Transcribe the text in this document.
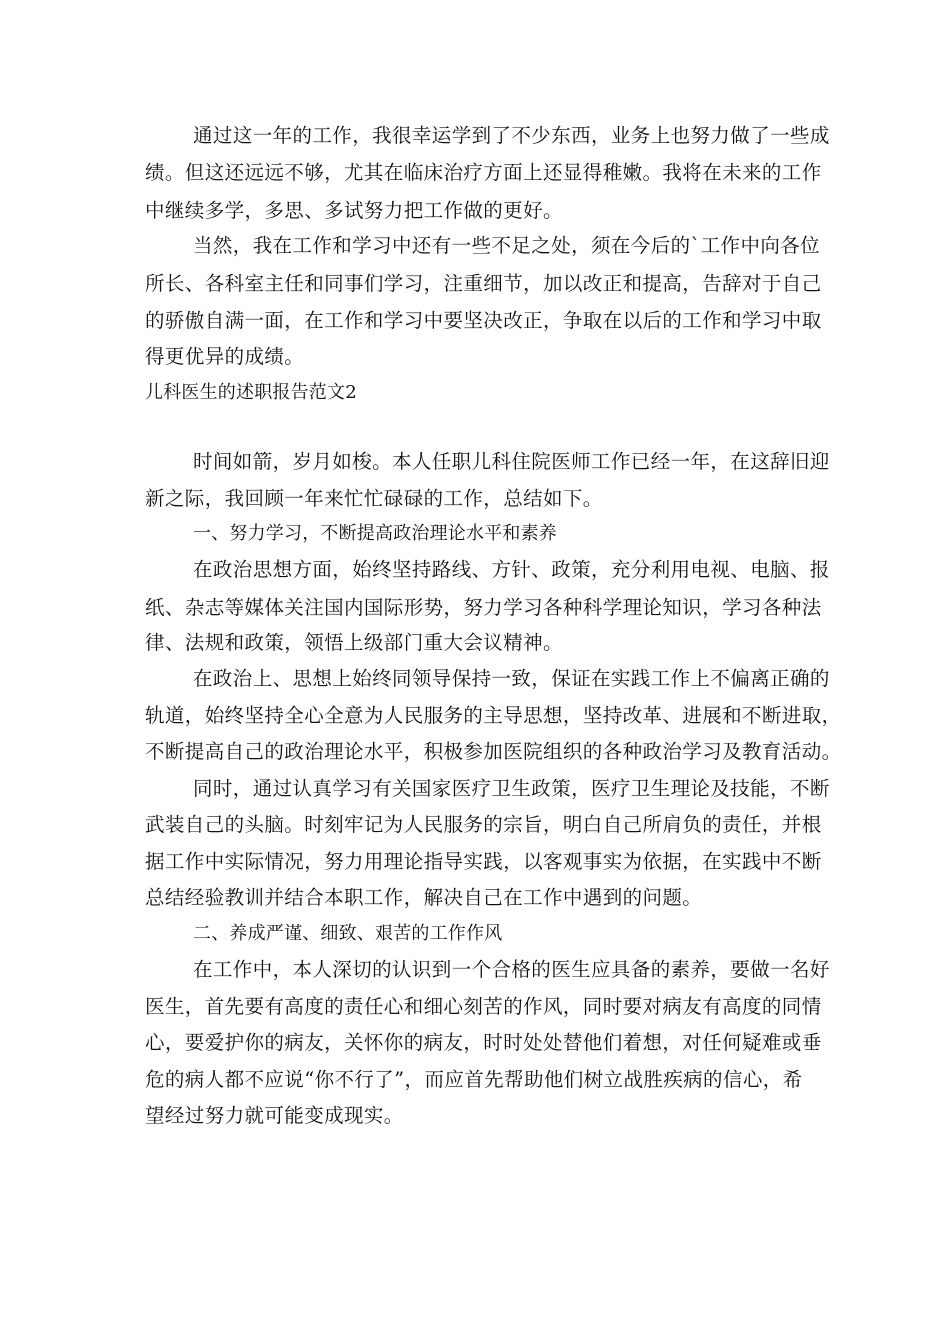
通过这一年的工作，我很幸运学到了不少东西，业务上也努力做了一些成
绩。但这还远远不够，尤其在临床治疗方面上还显得稚嫩。我将在未来的工作
中继续多学，多思、多试努力把工作做的更好。
当然，我在工作和学习中还有一些不足之处，须在今后的`工作中向各位
所长、各科室主任和同事们学习，注重细节，加以改正和提高，告辞对于自己
的骄傲自满一面，在工作和学习中要坚决改正，争取在以后的工作和学习中取
得更优异的成绩。
儿科医生的述职报告范文2
时间如箭，岁月如梭。本人任职儿科住院医师工作已经一年，在这辞旧迎
新之际，我回顾一年来忙忙碌碌的工作，总结如下。
一、努力学习，不断提高政治理论水平和素养
在政治思想方面，始终坚持路线、方针、政策，充分利用电视、电脑、报
纸、杂志等媒体关注国内国际形势，努力学习各种科学理论知识，学习各种法
律、法规和政策，领悟上级部门重大会议精神。
在政治上、思想上始终同领导保持一致，保证在实践工作上不偏离正确的
轨道，始终坚持全心全意为人民服务的主导思想，坚持改革、进展和不断进取，
不断提高自己的政治理论水平，积极参加医院组织的各种政治学习及教育活动。
同时，通过认真学习有关国家医疗卫生政策，医疗卫生理论及技能，不断
武装自己的头脑。时刻牢记为人民服务的宗旨，明白自己所肩负的责任，并根
据工作中实际情况，努力用理论指导实践，以客观事实为依据，在实践中不断
总结经验教训并结合本职工作，解决自己在工作中遇到的问题。
二、养成严谨、细致、艰苦的工作作风
在工作中，本人深切的认识到一个合格的医生应具备的素养，要做一名好
医生，首先要有高度的责任心和细心刻苦的作风，同时要对病友有高度的同情
心，要爱护你的病友，关怀你的病友，时时处处替他们着想，对任何疑难或垂
危的病人都不应说“你不行了”，而应首先帮助他们树立战胜疾病的信心，希
望经过努力就可能变成现实。
